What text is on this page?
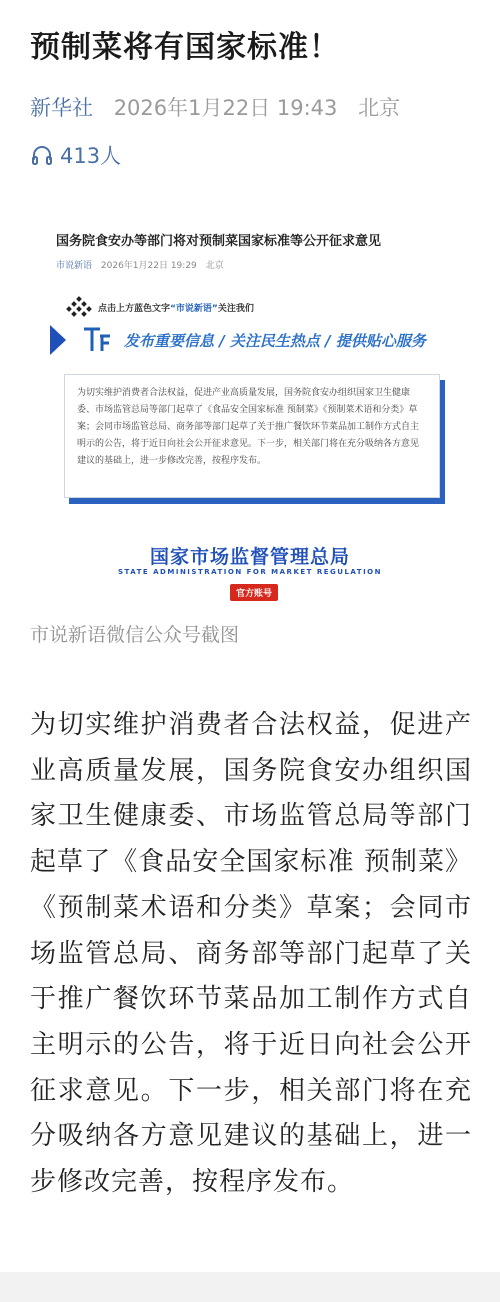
预制菜将有国家标准！
新华社 2026年1月22日 19:43 北京
413人
国务院食安办等部门将对预制菜国家标准等公开征求意见
市说新语 2026年1月22日 19:29 北京
点击上方蓝色文字 “市说新语” 关注我们
发布重要信息 / 关注民生热点 / 提供贴心服务
为切实维护消费者合法权益，促进产业高质量发展，国务院食安办组织国家卫生健康委、市场监管总局等部门起草了《食品安全国家标准 预制菜》《预制菜术语和分类》草案；会同市场监管总局、商务部等部门起草了关于推广餐饮环节菜品加工制作方式自主明示的公告，将于近日向社会公开征求意见。下一步，相关部门将在充分吸纳各方意见建议的基础上，进一步修改完善，按程序发布。
国家市场监督管理总局
STATE ADMINISTRATION FOR MARKET REGULATION
官方账号
市说新语微信公众号截图
为切实维护消费者合法权益，促进产业高质量发展，国务院食安办组织国家卫生健康委、市场监管总局等部门起草了《食品安全国家标准 预制菜》《预制菜术语和分类》草案；会同市场监管总局、商务部等部门起草了关于推广餐饮环节菜品加工制作方式自主明示的公告，将于近日向社会公开征求意见。下一步，相关部门将在充分吸纳各方意见建议的基础上，进一步修改完善，按程序发布。
